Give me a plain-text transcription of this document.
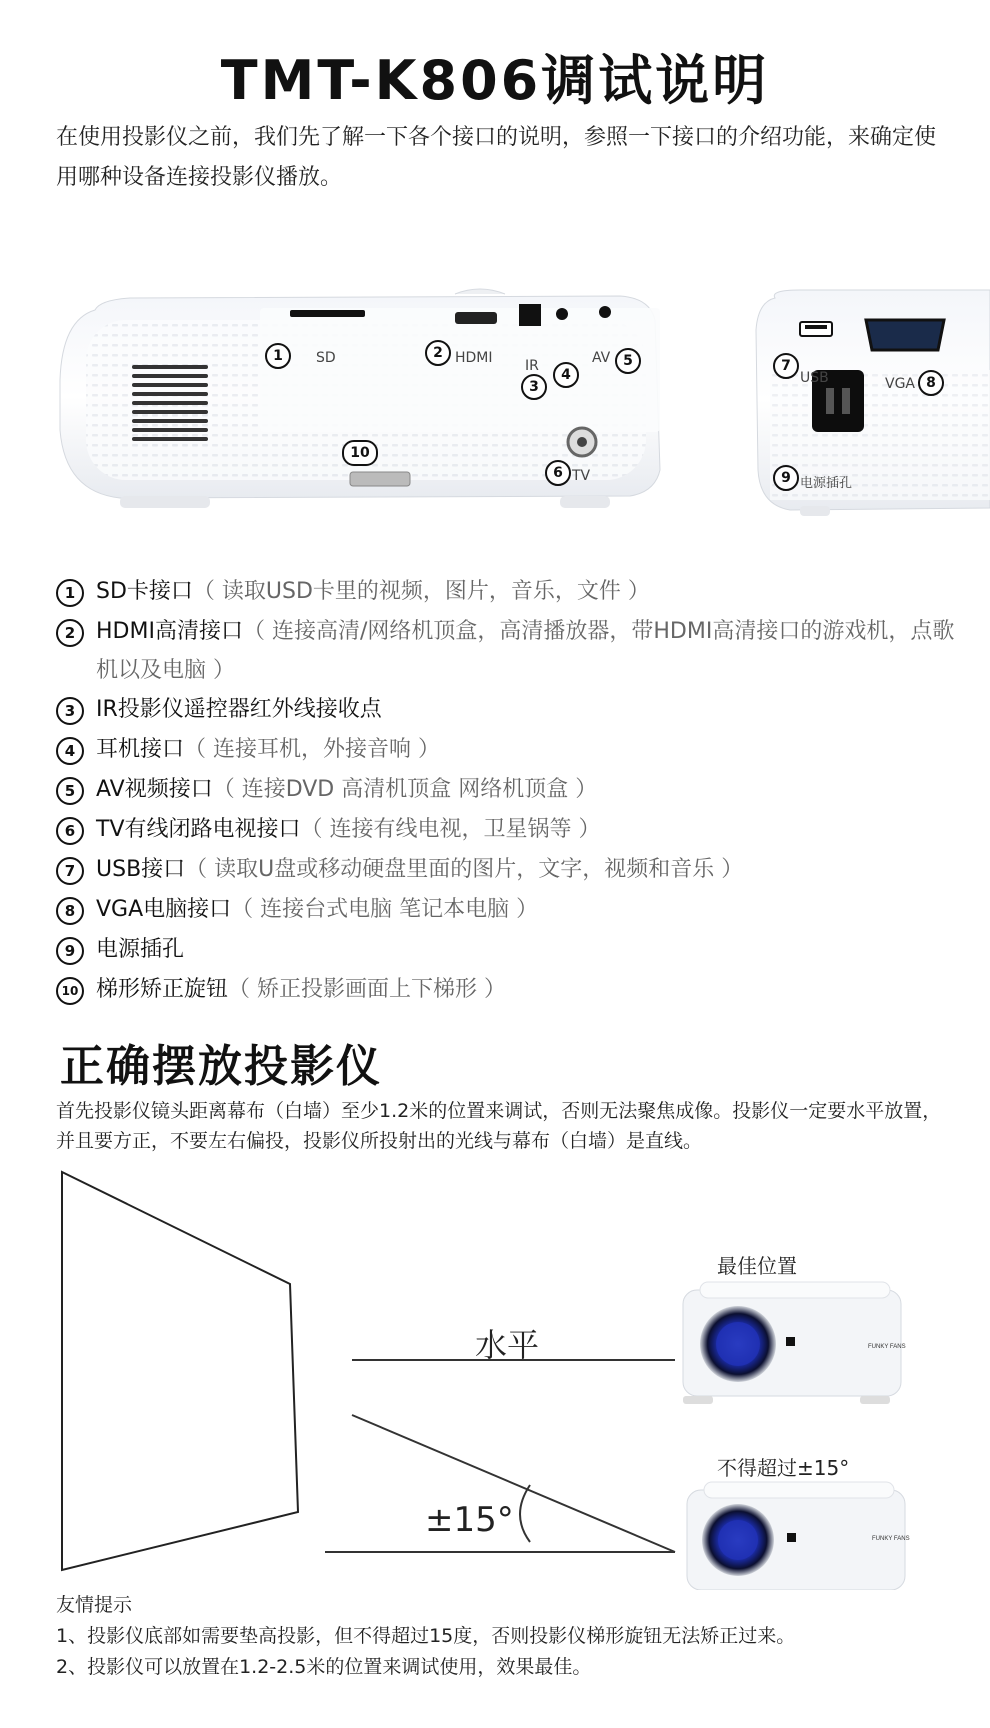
TMT-K806调试说明
在使用投影仪之前，我们先了解一下各个接口的说明，参照一下接口的介绍功能，来确定使用哪种设备连接投影仪播放。
1	SD	2 HDMI IR
3
4
AV 5
6 TV
10
7
USB	VGA 8
9 电源插孔
1 SD卡接口（ 读取USD卡里的视频，图片，音乐，文件 ）
2 HDMI高清接口（ 连接高清/网络机顶盒，高清播放器，带HDMI高清接口的游戏机，点歌机以及电脑 ）
3 IR投影仪遥控器红外线接收点
4 耳机接口（ 连接耳机，外接音响 ）
5 AV视频接口（ 连接DVD 高清机顶盒 网络机顶盒 ）
6 TV有线闭路电视接口（ 连接有线电视，卫星锅等 ）
7 USB接口（ 读取U盘或移动硬盘里面的图片，文字，视频和音乐 ）
8 VGA电脑接口（ 连接台式电脑 笔记本电脑 ）
9 电源插孔
10 梯形矫正旋钮（ 矫正投影画面上下梯形 ）
正确摆放投影仪
首先投影仪镜头距离幕布（白墙）至少1.2米的位置来调试，否则无法聚焦成像。投影仪一定要水平放置，并且要方正，不要左右偏投，投影仪所投射出的光线与幕布（白墙）是直线。
FUNKY FANS
FUNKY FANS
最佳位置
水平
不得超过±15°
±15°
友情提示
1、投影仪底部如需要垫高投影，但不得超过15度，否则投影仪梯形旋钮无法矫正过来。
2、投影仪可以放置在1.2-2.5米的位置来调试使用，效果最佳。
